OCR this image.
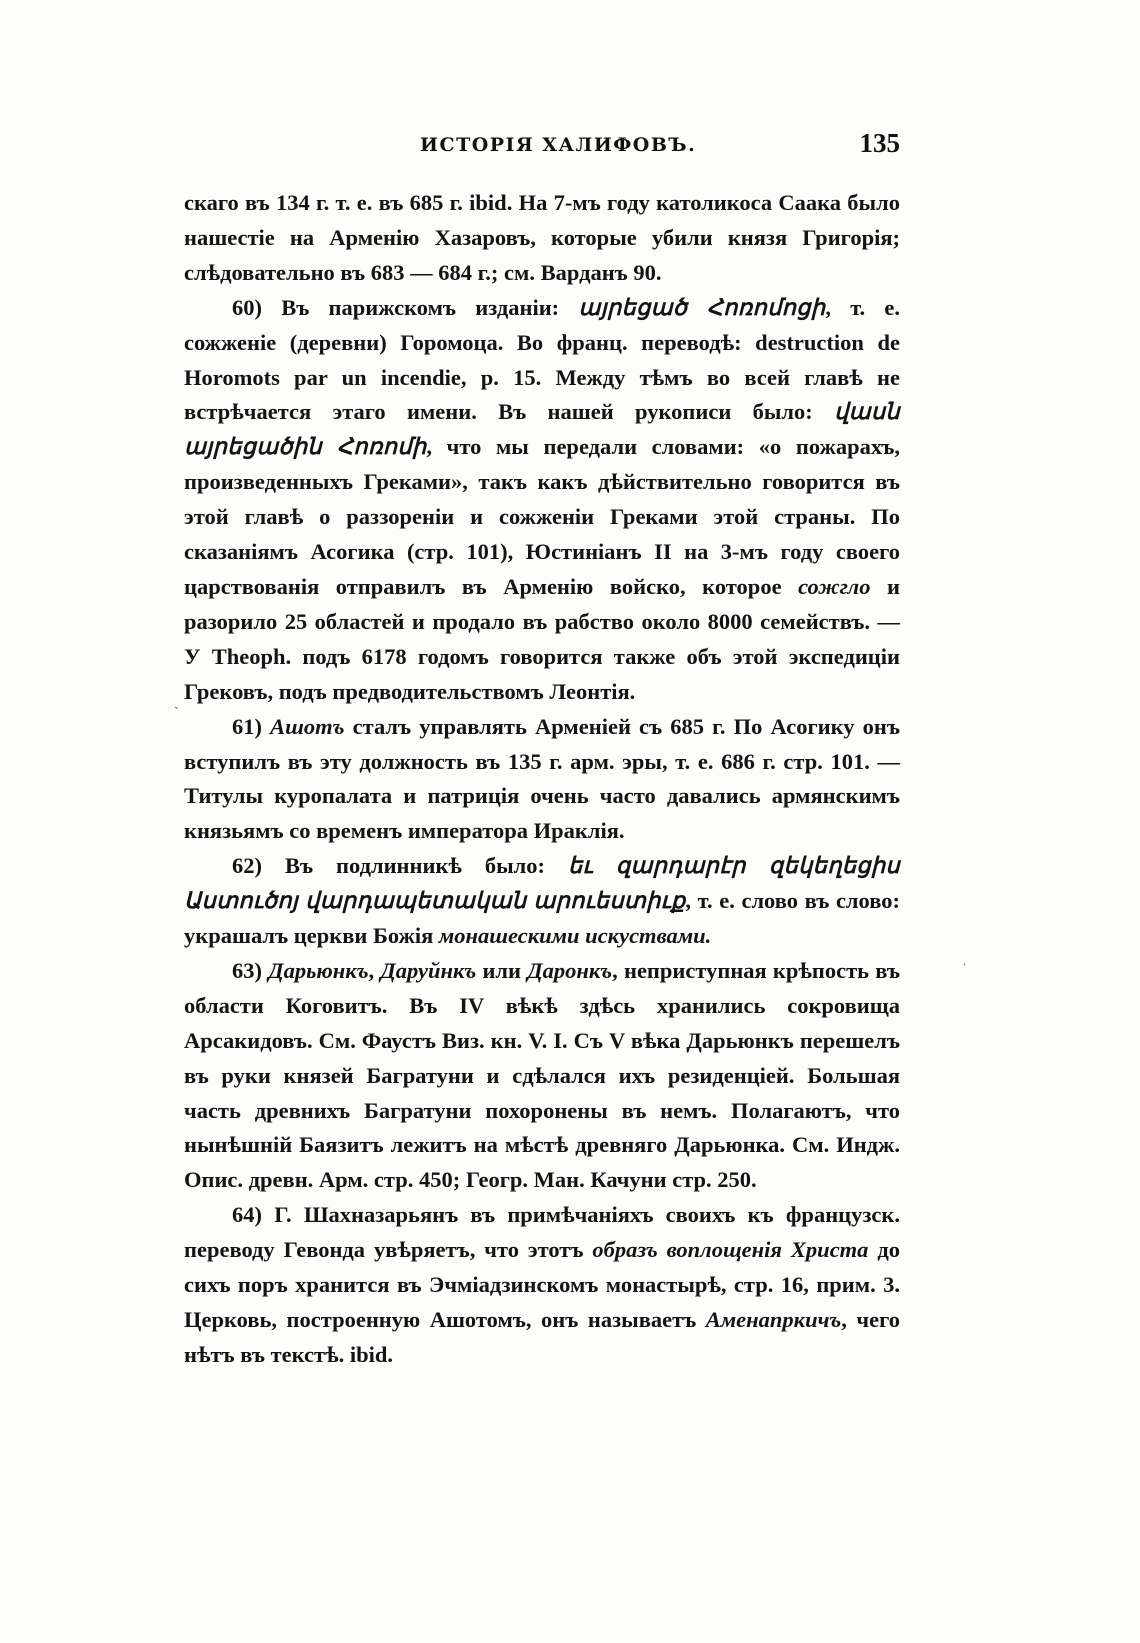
ИСТОРІЯ ХАЛИФОВЪ.	135

скаго въ 134 г. т. е. въ 685 г. ibid. На 7-мъ году католикоса Саака было нашестіе на Арменію Хазаровъ, которые убили князя Григорія; слѣдовательно въ 683 — 684 г.; см. Варданъ 90.

60) Въ парижскомъ изданіи: այրեցած Հոռոմոցի, т. е. сожженіе (деревни) Горомоца. Во франц. переводѣ: destruction de Horomots par un incendie, p. 15. Между тѣмъ во всей главѣ не встрѣчается этаго имени. Въ нашей рукописи было: վասն այրեցածին Հոռոմի, что мы передали словами: «о пожарахъ, произведенныхъ Греками», такъ какъ дѣйствительно говорится въ этой главѣ о раззореніи и сожженіи Греками этой страны. По сказаніямъ Асогика (стр. 101), Юстиніанъ II на 3-мъ году своего царствованія отправилъ въ Арменію войско, которое сожгло и разорило 25 областей и продало въ рабство около 8000 семействъ. — У Theoph. подъ 6178 годомъ говорится также объ этой экспедиціи Грековъ, подъ предводительствомъ Леонтія.

61) Ашотъ сталъ управлять Арменіей съ 685 г. По Асогику онъ вступилъ въ эту должность въ 135 г. арм. эры, т. е. 686 г. стр. 101. — Титулы куропалата и патриція очень часто давались армянскимъ князьямъ со временъ императора Ираклія.

62) Въ подлинникѣ было: եւ զարդարէր զեկեղեցիս Աստուծոյ վարդապետական արուեստիւք, т. е. слово въ слово: украшалъ церкви Божія монашескими искуствами.

63) Дарьюнкъ, Даруйнкъ или Даронкъ, неприступная крѣпость въ области Коговитъ. Въ IV вѣкѣ здѣсь хранились сокровища Арсакидовъ. См. Фаустъ Виз. кн. V. I. Съ V вѣка Дарьюнкъ перешелъ въ руки князей Багратуни и сдѣлался ихъ резиденціей. Большая часть древнихъ Багратуни похоронены въ немъ. Полагаютъ, что нынѣшній Баязитъ лежитъ на мѣстѣ древняго Дарьюнка. См. Индж. Опис. древн. Арм. стр. 450; Геогр. Ман. Качуни стр. 250.

64) Г. Шахназарьянъ въ примѣчаніяхъ своихъ къ французск. переводу Гевонда увѣряетъ, что этотъ образъ воплощенія Христа до сихъ поръ хранится въ Эчміадзинскомъ монастырѣ, стр. 16, прим. 3. Церковь, построенную Ашотомъ, онъ называетъ Аменапркичъ, чего нѣтъ въ текстѣ. ibid.

ˎ
ˈ
